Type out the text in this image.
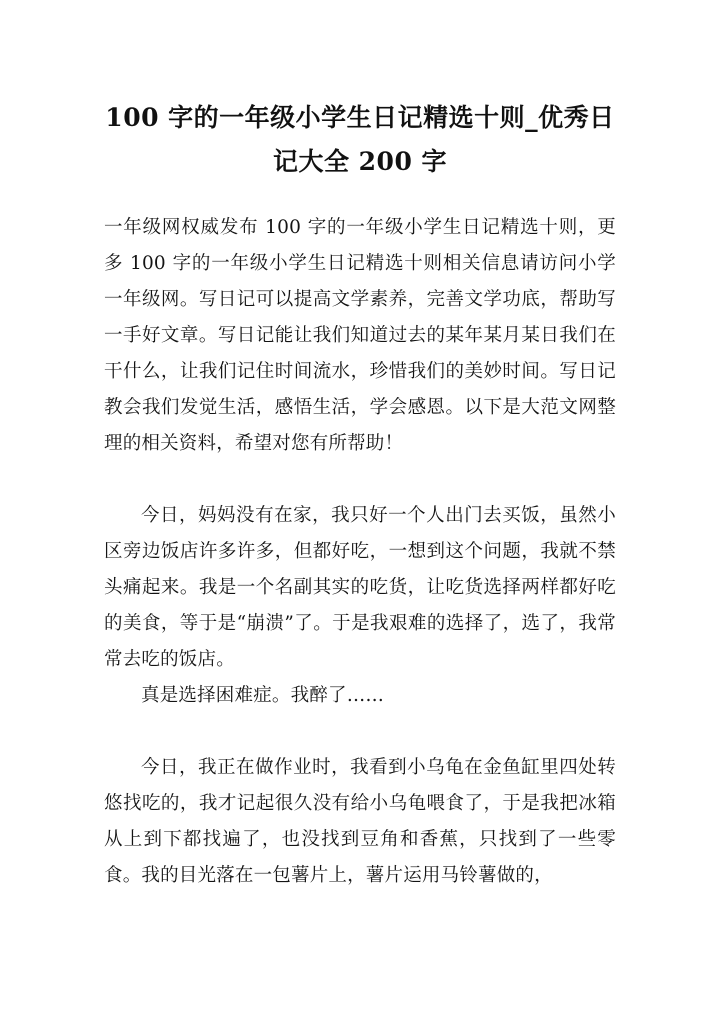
100 字的一年级小学生日记精选十则_优秀日记大全 200 字

一年级网权威发布 100 字的一年级小学生日记精选十则，更多 100 字的一年级小学生日记精选十则相关信息请访问小学一年级网。写日记可以提高文学素养，完善文学功底，帮助写一手好文章。写日记能让我们知道过去的某年某月某日我们在干什么，让我们记住时间流水，珍惜我们的美妙时间。写日记教会我们发觉生活，感悟生活，学会感恩。以下是大范文网整理的相关资料，希望对您有所帮助！

今日，妈妈没有在家，我只好一个人出门去买饭，虽然小区旁边饭店许多许多，但都好吃，一想到这个问题，我就不禁头痛起来。我是一个名副其实的吃货，让吃货选择两样都好吃的美食，等于是“崩溃”了。于是我艰难的选择了，选了，我常常去吃的饭店。

真是选择困难症。我醉了……

今日，我正在做作业时，我看到小乌龟在金鱼缸里四处转悠找吃的，我才记起很久没有给小乌龟喂食了，于是我把冰箱从上到下都找遍了，也没找到豆角和香蕉，只找到了一些零食。我的目光落在一包薯片上，薯片运用马铃薯做的，
